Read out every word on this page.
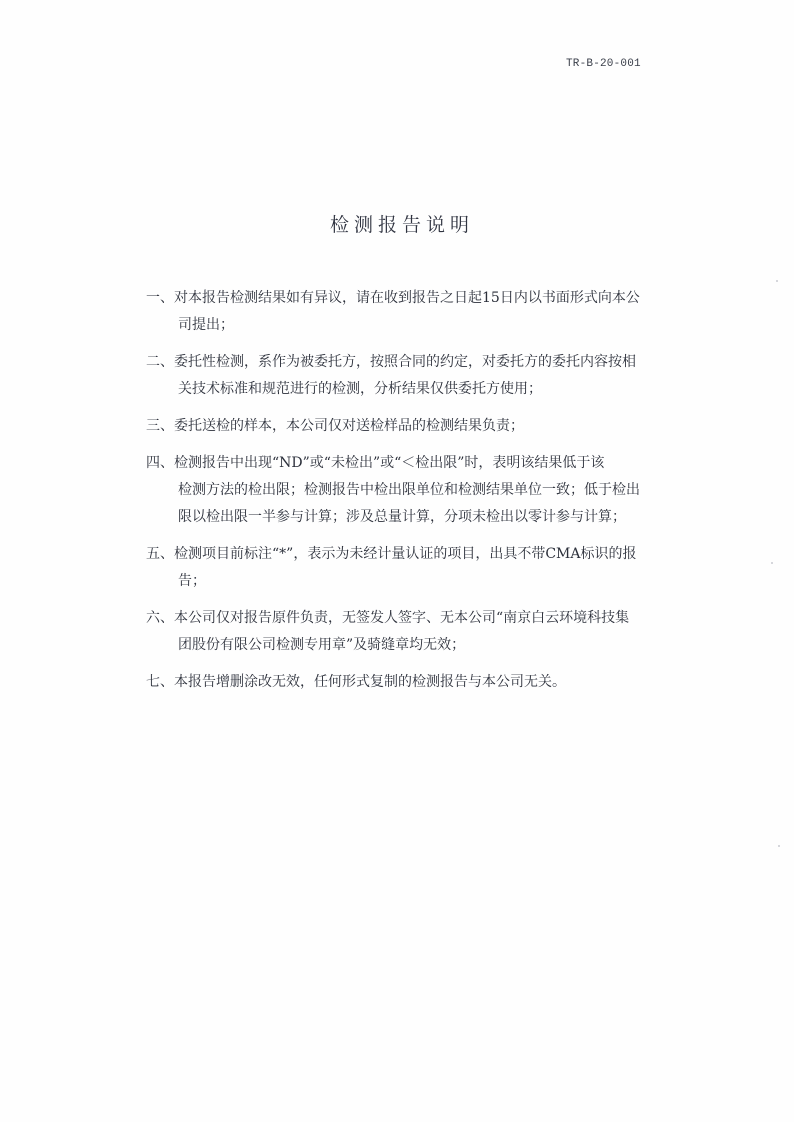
TR-B-20-001
检测报告说明
一、对本报告检测结果如有异议，请在收到报告之日起15日内以书面形式向本公
司提出；
二、委托性检测，系作为被委托方，按照合同的约定，对委托方的委托内容按相
关技术标准和规范进行的检测，分析结果仅供委托方使用；
三、委托送检的样本，本公司仅对送检样品的检测结果负责；
四、检测报告中出现“ND”或“未检出”或“＜检出限”时，表明该结果低于该
检测方法的检出限；检测报告中检出限单位和检测结果单位一致；低于检出
限以检出限一半参与计算；涉及总量计算，分项未检出以零计参与计算；
五、检测项目前标注“*”，表示为未经计量认证的项目，出具不带CMA标识的报
告；
六、本公司仅对报告原件负责，无签发人签字、无本公司“南京白云环境科技集
团股份有限公司检测专用章”及骑缝章均无效；
七、本报告增删涂改无效，任何形式复制的检测报告与本公司无关。
